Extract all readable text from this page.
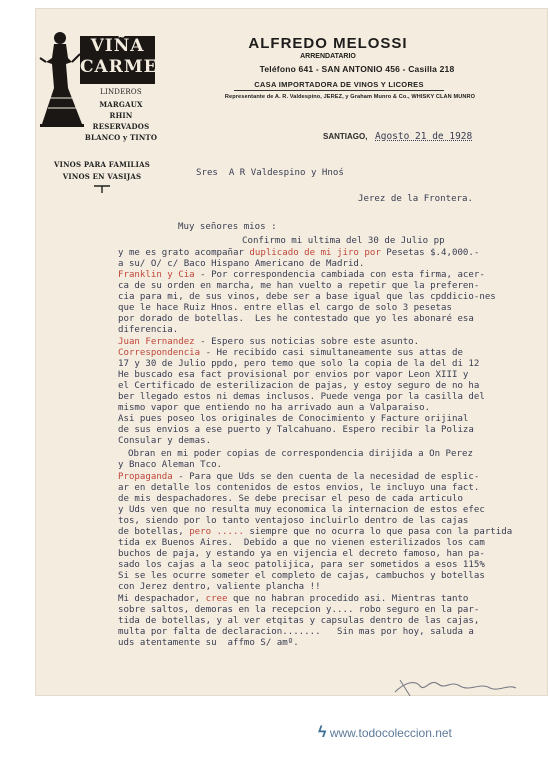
VIÑA
CARMEN
LINDEROS
MARGAUX
RHIN
RESERVADOS
BLANCO y TINTO
VINOS PARA FAMILIAS
VINOS EN VASIJAS
ALFREDO MELOSSI
ARRENDATARIO
Teléfono 641 - SAN ANTONIO 456 - Casilla 218
CASA IMPORTADORA DE VINOS Y LICORES
Representante de A. R. Valdespino, JEREZ, y Graham Munro & Co., WHISKY CLAN MUNRO
SANTIAGO, Agosto 21 de 1928
Sres  A R Valdespino y Hnoś
Jerez de la Frontera.
Muy señores mios :
Confirmo mi ultima del 30 de Julio pp
y me es grato acompañar duplicado de mi jiro por Pesetas $.4,000.-
a su/ O/ c/ Baco Hispano Americano de Madrid.
Franklin y Cia - Por correspondencia cambiada con esta firma, acer-
ca de su orden en marcha, me han vuelto a repetir que la preferen-
cia para mi, de sus vinos, debe ser a base igual que las cpddicio-nes
que le hace Ruiz Hnos. entre ellas el cargo de solo 3 pesetas
por dorado de botellas.  Les he contestado que yo les abonaré esa
diferencia.
Juan Fernandez - Espero sus noticias sobre este asunto.
Correspondencia - He recibido casi simultaneamente sus attas de
17 y 30 de Julio ppdo, pero temo que solo la copia de la del di 12
He buscado esa fact provisional por envios por vapor Leon XIII y
el Certificado de esterilizacion de pajas, y estoy seguro de no ha
ber llegado estos ni demas inclusos. Puede venga por la casilla del
mismo vapor que entiendo no ha arrivado aun a Valparaiso.
Asi pues poseo los originales de Conocimiento y Facture orijinal
de sus envios a ese puerto y Talcahuano. Espero recibir la Poliza
Consular y demas.
Obran en mi poder copias de correspondencia dirijida a On Perez
y Bnaco Aleman Tco.
Propaganda - Para que Uds se den cuenta de la necesidad de esplic-
ar en detalle los contenidos de estos envios, le incluyo una fact.
de mis despachadores. Se debe precisar el peso de cada articulo
y Uds ven que no resulta muy economica la internacion de estos efec
tos, siendo por lo tanto ventajoso incluirlo dentro de las cajas
de botellas, pero ..... siempre que no ocurra lo que pasa con la partida
tida ex Buenos Aires.  Debido a que no vienen esterilizados los cam
buchos de paja, y estando ya en vijencia el decreto famoso, han pa-
sado los cajas a la seoc patolijica, para ser sometidos a esos 115%
Si se les ocurre someter el completo de cajas, cambuchos y botellas
con Jerez dentro, valiente plancha !!
Mi despachador, cree que no habran procedido asi. Mientras tanto
sobre saltos, demoras en la recepcion y.... robo seguro en la par-
tida de botellas, y al ver etqitas y capsulas dentro de las cajas,
multa por falta de declaracion.......   Sin mas por hoy, saluda a
uds atentamente su  affmo S/ amº.
ϟ www.todocoleccion.net
